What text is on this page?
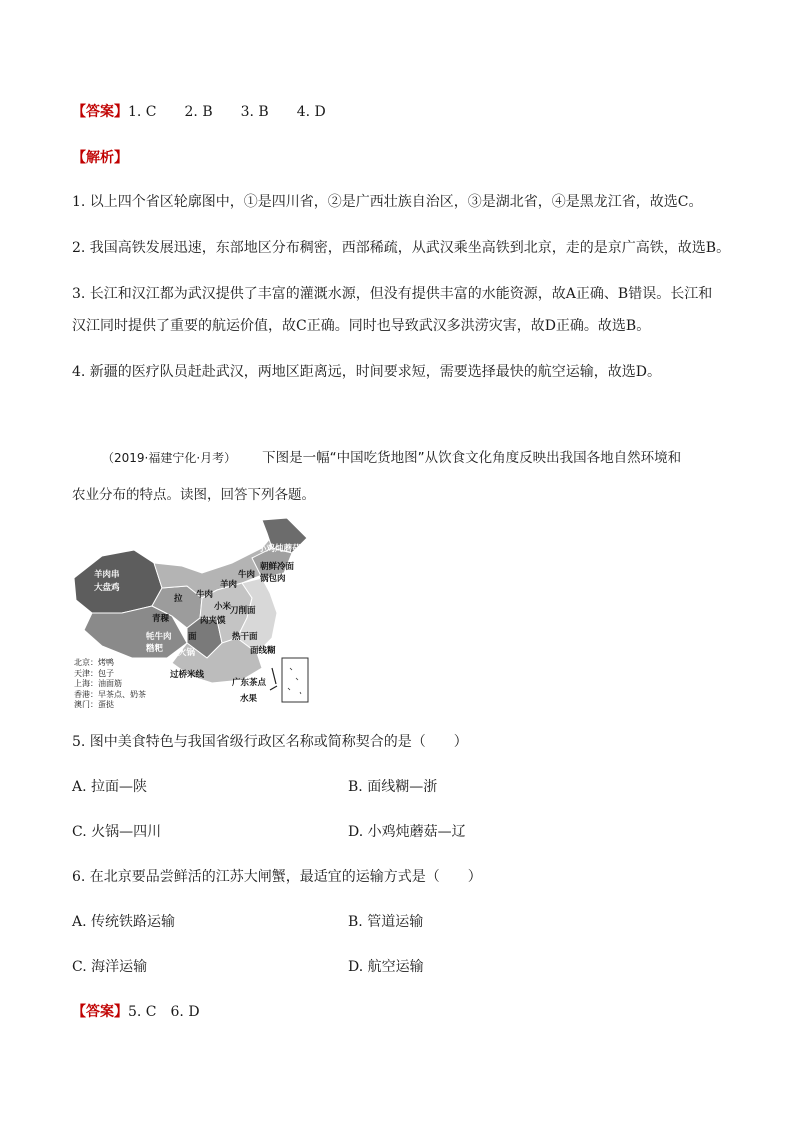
【答案】1. C　　2. B　　3. B　　4. D
【解析】
1. 以上四个省区轮廓图中，①是四川省，②是广西壮族自治区，③是湖北省，④是黑龙江省，故选C。
2. 我国高铁发展迅速，东部地区分布稠密，西部稀疏，从武汉乘坐高铁到北京，走的是京广高铁，故选B。
3. 长江和汉江都为武汉提供了丰富的灌溉水源，但没有提供丰富的水能资源，故A正确、B错误。长江和
汉江同时提供了重要的航运价值，故C正确。同时也导致武汉多洪涝灾害，故D正确。故选B。
4. 新疆的医疗队员赶赴武汉，两地区距离远，时间要求短，需要选择最快的航空运输，故选D。
（2019·福建宁化·月考） 下图是一幅“中国吃货地图”从饮食文化角度反映出我国各地自然环境和
农业分布的特点。读图，回答下列各题。
小鸡炖蘑菇
朝鲜冷面
锅包肉
牛肉
羊肉
羊肉串
大盘鸡
拉
青稞
牛肉
小米
肉夹馍
刀削面
面
火锅
牦牛肉
糌粑
热干面
过桥米线
广东茶点
水果
面线糊
北京：烤鸭
天津：包子
上海：油面筋
香港：早茶点、奶茶
澳门：蛋挞
5. 图中美食特色与我国省级行政区名称或简称契合的是（　　）
A. 拉面—陕	B. 面线糊—浙
C. 火锅—四川	D. 小鸡炖蘑菇—辽
6. 在北京要品尝鲜活的江苏大闸蟹，最适宜的运输方式是（　　）
A. 传统铁路运输	B. 管道运输
C. 海洋运输	D. 航空运输
【答案】5. C　6. D
